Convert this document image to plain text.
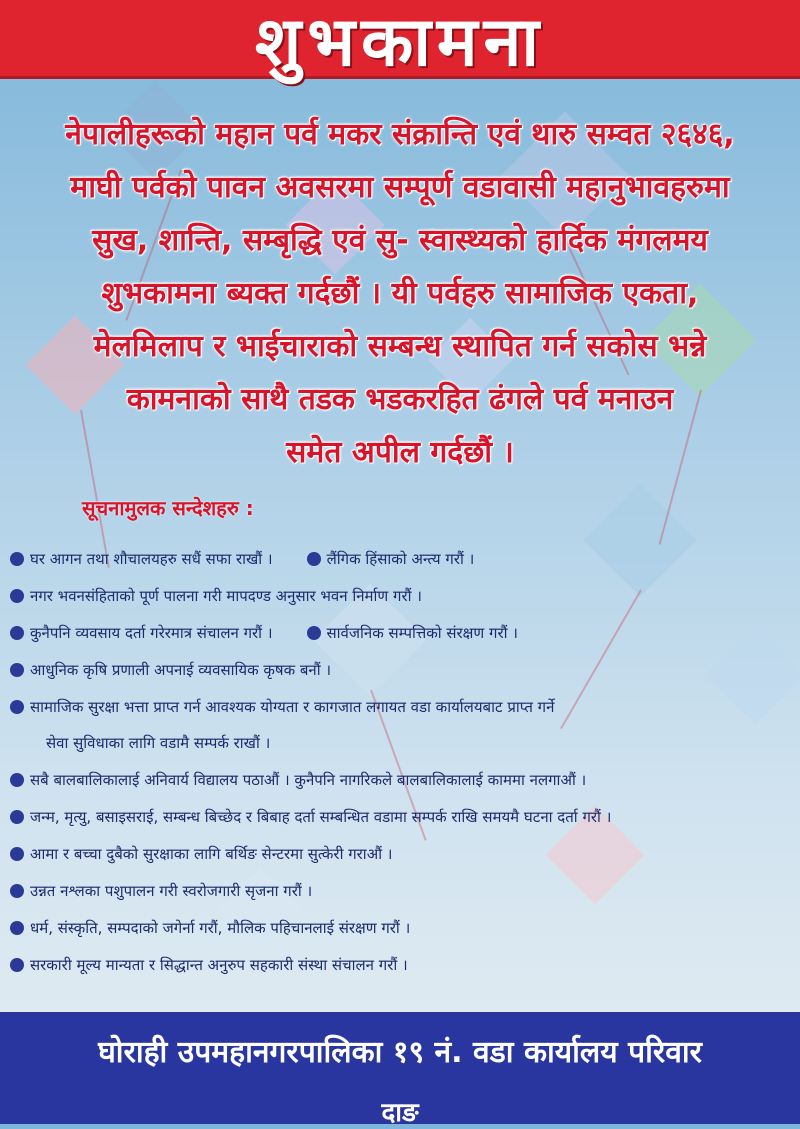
शुभकामना
नेपालीहरूको महान पर्व मकर संक्रान्ति एवं थारु सम्वत २६४६,
माघी पर्वको पावन अवसरमा सम्पूर्ण वडावासी महानुभावहरुमा
सुख, शान्ति, सम्बृद्धि एवं सु- स्वास्थ्यको हार्दिक मंगलमय
शुभकामना ब्यक्त गर्दछौं । यी पर्वहरु सामाजिक एकता,
मेलमिलाप र भाईचाराको सम्बन्ध स्थापित गर्न सकोस भन्ने
कामनाको साथै तडक भडकरहित ढंगले पर्व मनाउन
समेत अपील गर्दछौं ।
सूचनामुलक सन्देशहरु :
घर आगन तथा शौचालयहरु सधैं सफा राखौं ।	लैंगिक हिंसाको अन्त्य गरौं ।
नगर भवनसंहिताको पूर्ण पालना गरी मापदण्ड अनुसार भवन निर्माण गरौं ।
कुनैपनि व्यवसाय दर्ता गरेरमात्र संचालन गरौं ।	सार्वजनिक सम्पत्तिको संरक्षण गरौं ।
आधुनिक कृषि प्रणाली अपनाई व्यवसायिक कृषक बनौं ।
सामाजिक सुरक्षा भत्ता प्राप्त गर्न आवश्यक योग्यता र कागजात लगायत वडा कार्यालयबाट प्राप्त गर्ने
सेवा सुविधाका लागि वडामै सम्पर्क राखौं ।
सबै बालबालिकालाई अनिवार्य विद्यालय पठाऔं । कुनैपनि नागरिकले बालबालिकालाई काममा नलगाऔं ।
जन्म, मृत्यु, बसाइसराई, सम्बन्ध बिच्छेद र बिबाह दर्ता सम्बन्धित वडामा सम्पर्क राखि समयमै घटना दर्ता गरौं ।
आमा र बच्चा दुबैको सुरक्षाका लागि बर्थिङ सेन्टरमा सुत्केरी गराऔं ।
उन्नत नश्लका पशुपालन गरी स्वरोजगारी सृजना गरौं ।
धर्म, संस्कृति, सम्पदाको जगेर्ना गरौं, मौलिक पहिचानलाई संरक्षण गरौं ।
सरकारी मूल्य मान्यता र सिद्धान्त अनुरुप सहकारी संस्था संचालन गरौं ।
घोराही उपमहानगरपालिका १९ नं. वडा कार्यालय परिवार
दाङ
